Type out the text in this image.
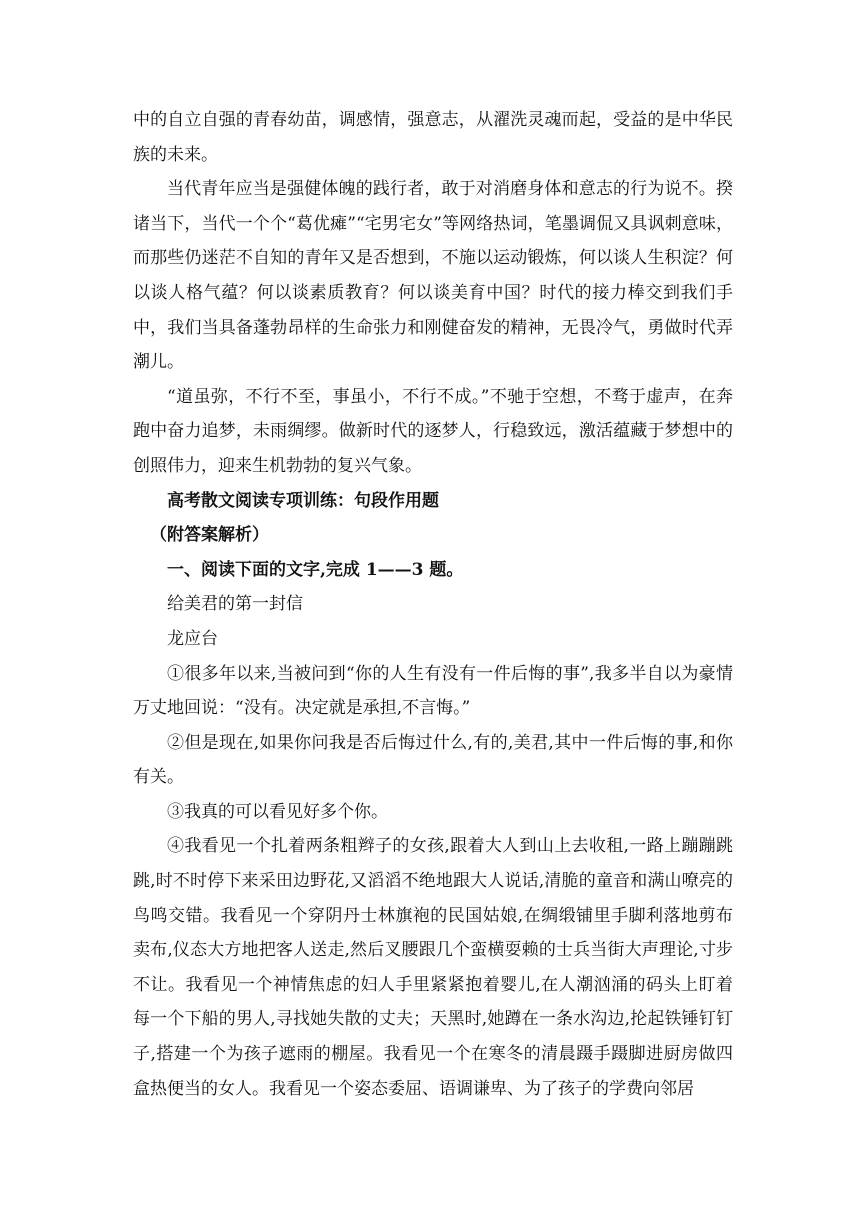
中的自立自强的青春幼苗，调感情，强意志，从濯洗灵魂而起，受益的是中华民族的未来。

当代青年应当是强健体魄的践行者，敢于对消磨身体和意志的行为说不。揆诸当下，当代一个个“葛优瘫”“宅男宅女”等网络热词，笔墨调侃又具讽刺意味，而那些仍迷茫不自知的青年又是否想到，不施以运动锻炼，何以谈人生积淀？何以谈人格气蕴？何以谈素质教育？何以谈美育中国？时代的接力棒交到我们手中，我们当具备蓬勃昂样的生命张力和刚健奋发的精神，无畏冷气，勇做时代弄潮儿。

“道虽弥，不行不至，事虽小，不行不成。”不驰于空想，不骛于虚声，在奔跑中奋力追梦，未雨绸缪。做新时代的逐梦人，行稳致远，激活蕴藏于梦想中的创照伟力，迎来生机勃勃的复兴气象。

高考散文阅读专项训练：句段作用题

（附答案解析）

一、阅读下面的文字,完成 1——3 题。

给美君的第一封信

龙应台

①很多年以来,当被问到“你的人生有没有一件后悔的事”,我多半自以为豪情万丈地回说：“没有。决定就是承担,不言悔。”

②但是现在,如果你问我是否后悔过什么,有的,美君,其中一件后悔的事,和你有关。

③我真的可以看见好多个你。

④我看见一个扎着两条粗辫子的女孩,跟着大人到山上去收租,一路上蹦蹦跳跳,时不时停下来采田边野花,又滔滔不绝地跟大人说话,清脆的童音和满山嘹亮的鸟鸣交错。我看见一个穿阴丹士林旗袍的民国姑娘,在绸缎铺里手脚利落地剪布卖布,仪态大方地把客人送走,然后叉腰跟几个蛮横耍赖的士兵当街大声理论,寸步不让。我看见一个神情焦虑的妇人手里紧紧抱着婴儿,在人潮汹涌的码头上盯着每一个下船的男人,寻找她失散的丈夫；天黑时,她蹲在一条水沟边,抡起铁锤钉钉子,搭建一个为孩子遮雨的棚屋。我看见一个在寒冬的清晨蹑手蹑脚进厨房做四盒热便当的女人。我看见一个姿态委屈、语调谦卑、为了孩子的学费向邻居
